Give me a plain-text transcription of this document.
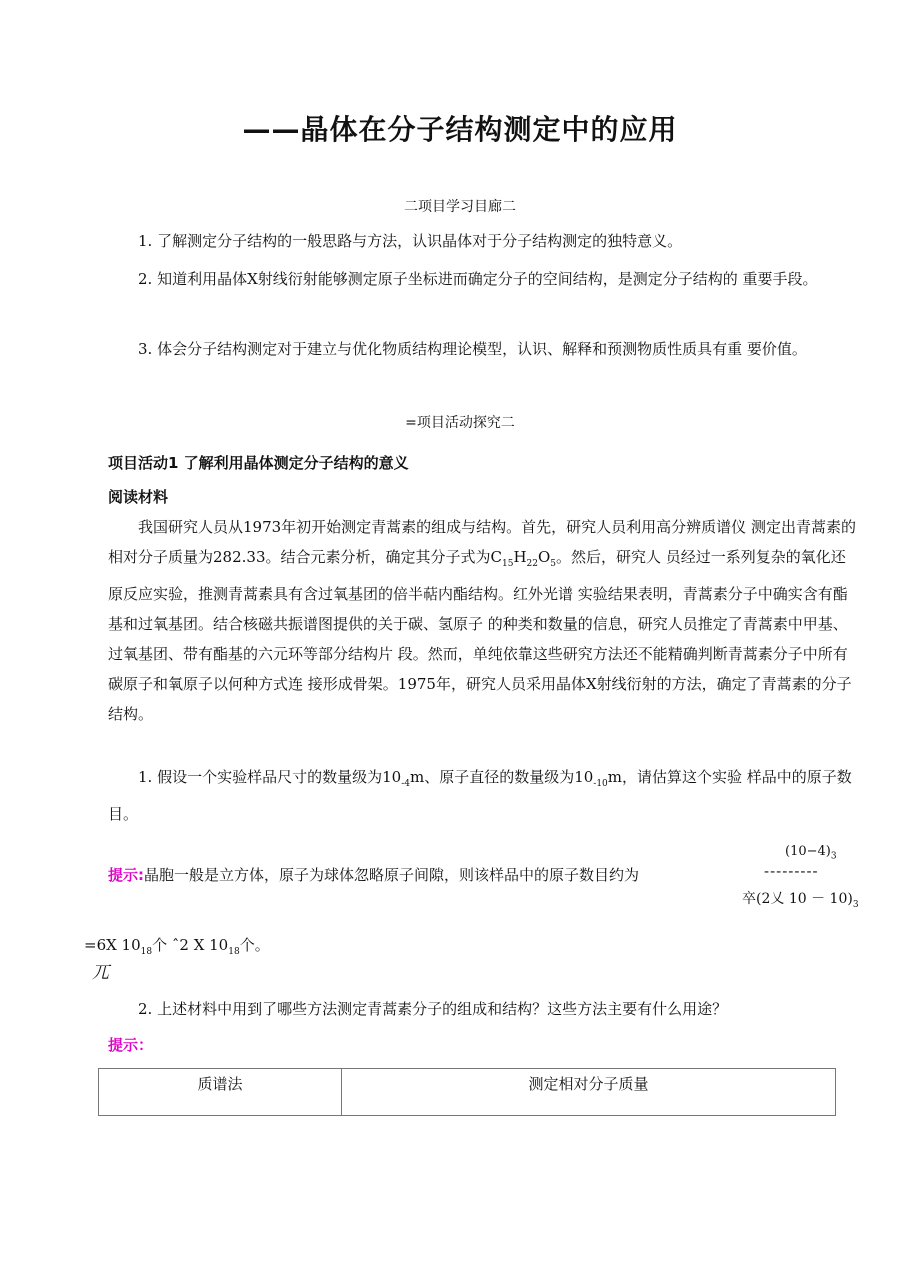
——晶体在分子结构测定中的应用
二项目学习目廊二
1. 了解测定分子结构的一般思路与方法，认识晶体对于分子结构测定的独特意义。
2. 知道利用晶体X射线衍射能够测定原子坐标进而确定分子的空间结构，是测定分子结构的 重要手段。
3. 体会分子结构测定对于建立与优化物质结构理论模型，认识、解释和预测物质性质具有重 要价值。
=项目活动探究二
项目活动1 了解利用晶体测定分子结构的意义
阅读材料
我国研究人员从1973年初开始测定青蒿素的组成与结构。首先，研究人员利用高分辨质谱仪 测定出青蒿素的相对分子质量为282.33。结合元素分析，确定其分子式为$C_{15}H_{22}O_5$。然后，研究人 员经过一系列复杂的氧化还原反应实验，推测青蒿素具有含过氧基团的倍半萜内酯结构。红外光谱 实验结果表明，青蒿素分子中确实含有酯基和过氧基团。结合核磁共振谱图提供的关于碳、氢原子 的种类和数量的信息，研究人员推定了青蒿素中甲基、过氧基团、带有酯基的六元环等部分结构片 段。然而，单纯依靠这些研究方法还不能精确判断青蒿素分子中所有碳原子和氧原子以何种方式连 接形成骨架。1975年，研究人员采用晶体X射线衍射的方法，确定了青蒿素的分子结构。
1. 假设一个实验样品尺寸的数量级为$10_{-4}m$、原子直径的数量级为$10_{-10}m$，请估算这个实验 样品中的原子数目。
$(10-4)_3$
提示:晶胞一般是立方体，原子为球体忽略原子间隙，则该样品中的原子数目约为	---------
卒(2乂 $10 - 10)_3$
=6X $10_{18}$个 ˆ2 X $10_{18}$个。
兀
2. 上述材料中用到了哪些方法测定青蒿素分子的组成和结构？这些方法主要有什么用途？
提示：
质谱法	测定相对分子质量
